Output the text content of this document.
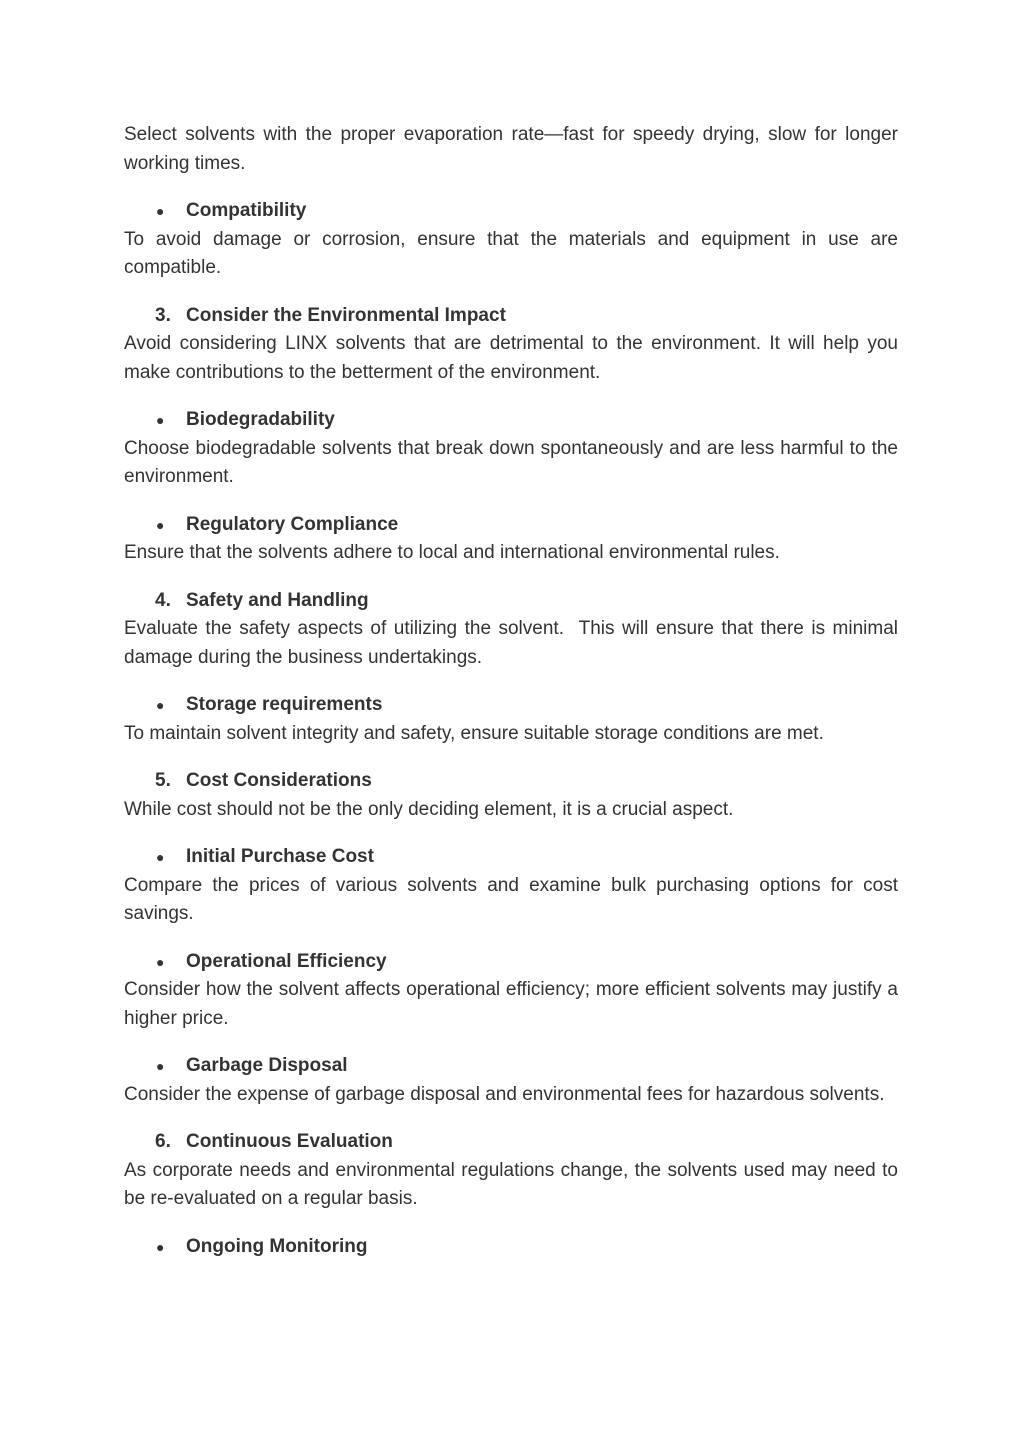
Select solvents with the proper evaporation rate—fast for speedy drying, slow for longer working times.

●	Compatibility

To avoid damage or corrosion, ensure that the materials and equipment in use are compatible.

3. Consider the Environmental Impact

Avoid considering LINX solvents that are detrimental to the environment. It will help you make contributions to the betterment of the environment.

●	Biodegradability

Choose biodegradable solvents that break down spontaneously and are less harmful to the environment.

●	Regulatory Compliance

Ensure that the solvents adhere to local and international environmental rules.

4. Safety and Handling

Evaluate the safety aspects of utilizing the solvent.  This will ensure that there is minimal damage during the business undertakings.

●	Storage requirements

To maintain solvent integrity and safety, ensure suitable storage conditions are met.

5. Cost Considerations

While cost should not be the only deciding element, it is a crucial aspect.

●	Initial Purchase Cost

Compare the prices of various solvents and examine bulk purchasing options for cost savings.

●	Operational Efficiency

Consider how the solvent affects operational efficiency; more efficient solvents may justify a higher price.

●	Garbage Disposal

Consider the expense of garbage disposal and environmental fees for hazardous solvents.

6. Continuous Evaluation

As corporate needs and environmental regulations change, the solvents used may need to be re-evaluated on a regular basis.

●	Ongoing Monitoring
